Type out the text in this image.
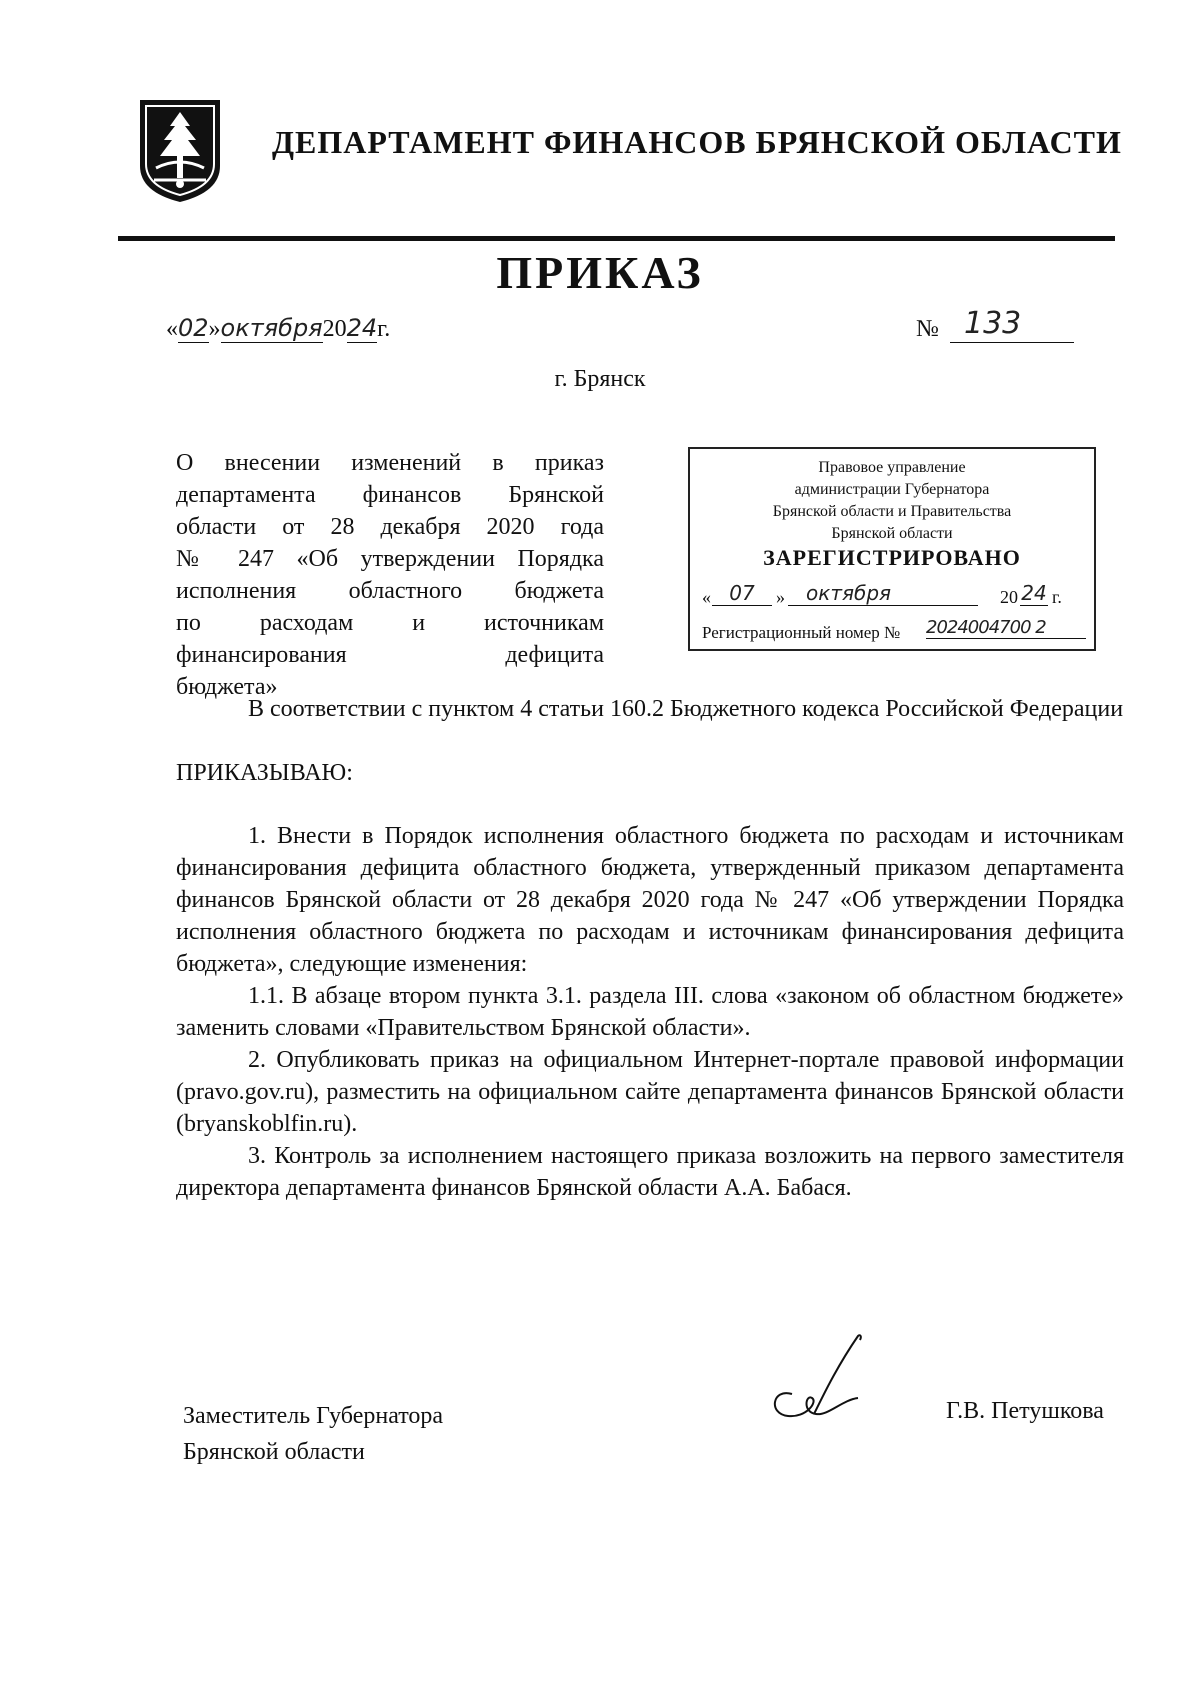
ДЕПАРТАМЕНТ ФИНАНСОВ БРЯНСКОЙ ОБЛАСТИ
ПРИКАЗ
«02»октября2024г.	№ 133
г. Брянск
О внесении изменений в приказ
департамента финансов Брянской
области от 28 декабря 2020 года
№ 247 «Об утверждении Порядка
исполнения областного бюджета
по расходам и источникам
финансирования дефицита
бюджета»
Правовое управление
администрации Губернатора
Брянской области и Правительства
Брянской области
ЗАРЕГИСТРИРОВАНО
« 07	»	октября	20 24 г.
Регистрационный номер № 2024004700 2
В соответствии с пунктом 4 статьи 160.2 Бюджетного кодекса Российской Федерации
ПРИКАЗЫВАЮ:
1. Внести в Порядок исполнения областного бюджета по расходам и источникам финансирования дефицита областного бюджета, утвержденный приказом департамента финансов Брянской области от 28 декабря 2020 года № 247 «Об утверждении Порядка исполнения областного бюджета по расходам и источникам финансирования дефицита бюджета», следующие изменения:
1.1. В абзаце втором пункта 3.1. раздела III. слова «законом об областном бюджете» заменить словами «Правительством Брянской области».
2. Опубликовать приказ на официальном Интернет-портале правовой информации (pravo.gov.ru), разместить на официальном сайте департамента финансов Брянской области (bryanskoblfin.ru).
3. Контроль за исполнением настоящего приказа возложить на первого заместителя директора департамента финансов Брянской области А.А. Бабася.
Заместитель Губернатора
Брянской области
Г.В. Петушкова
